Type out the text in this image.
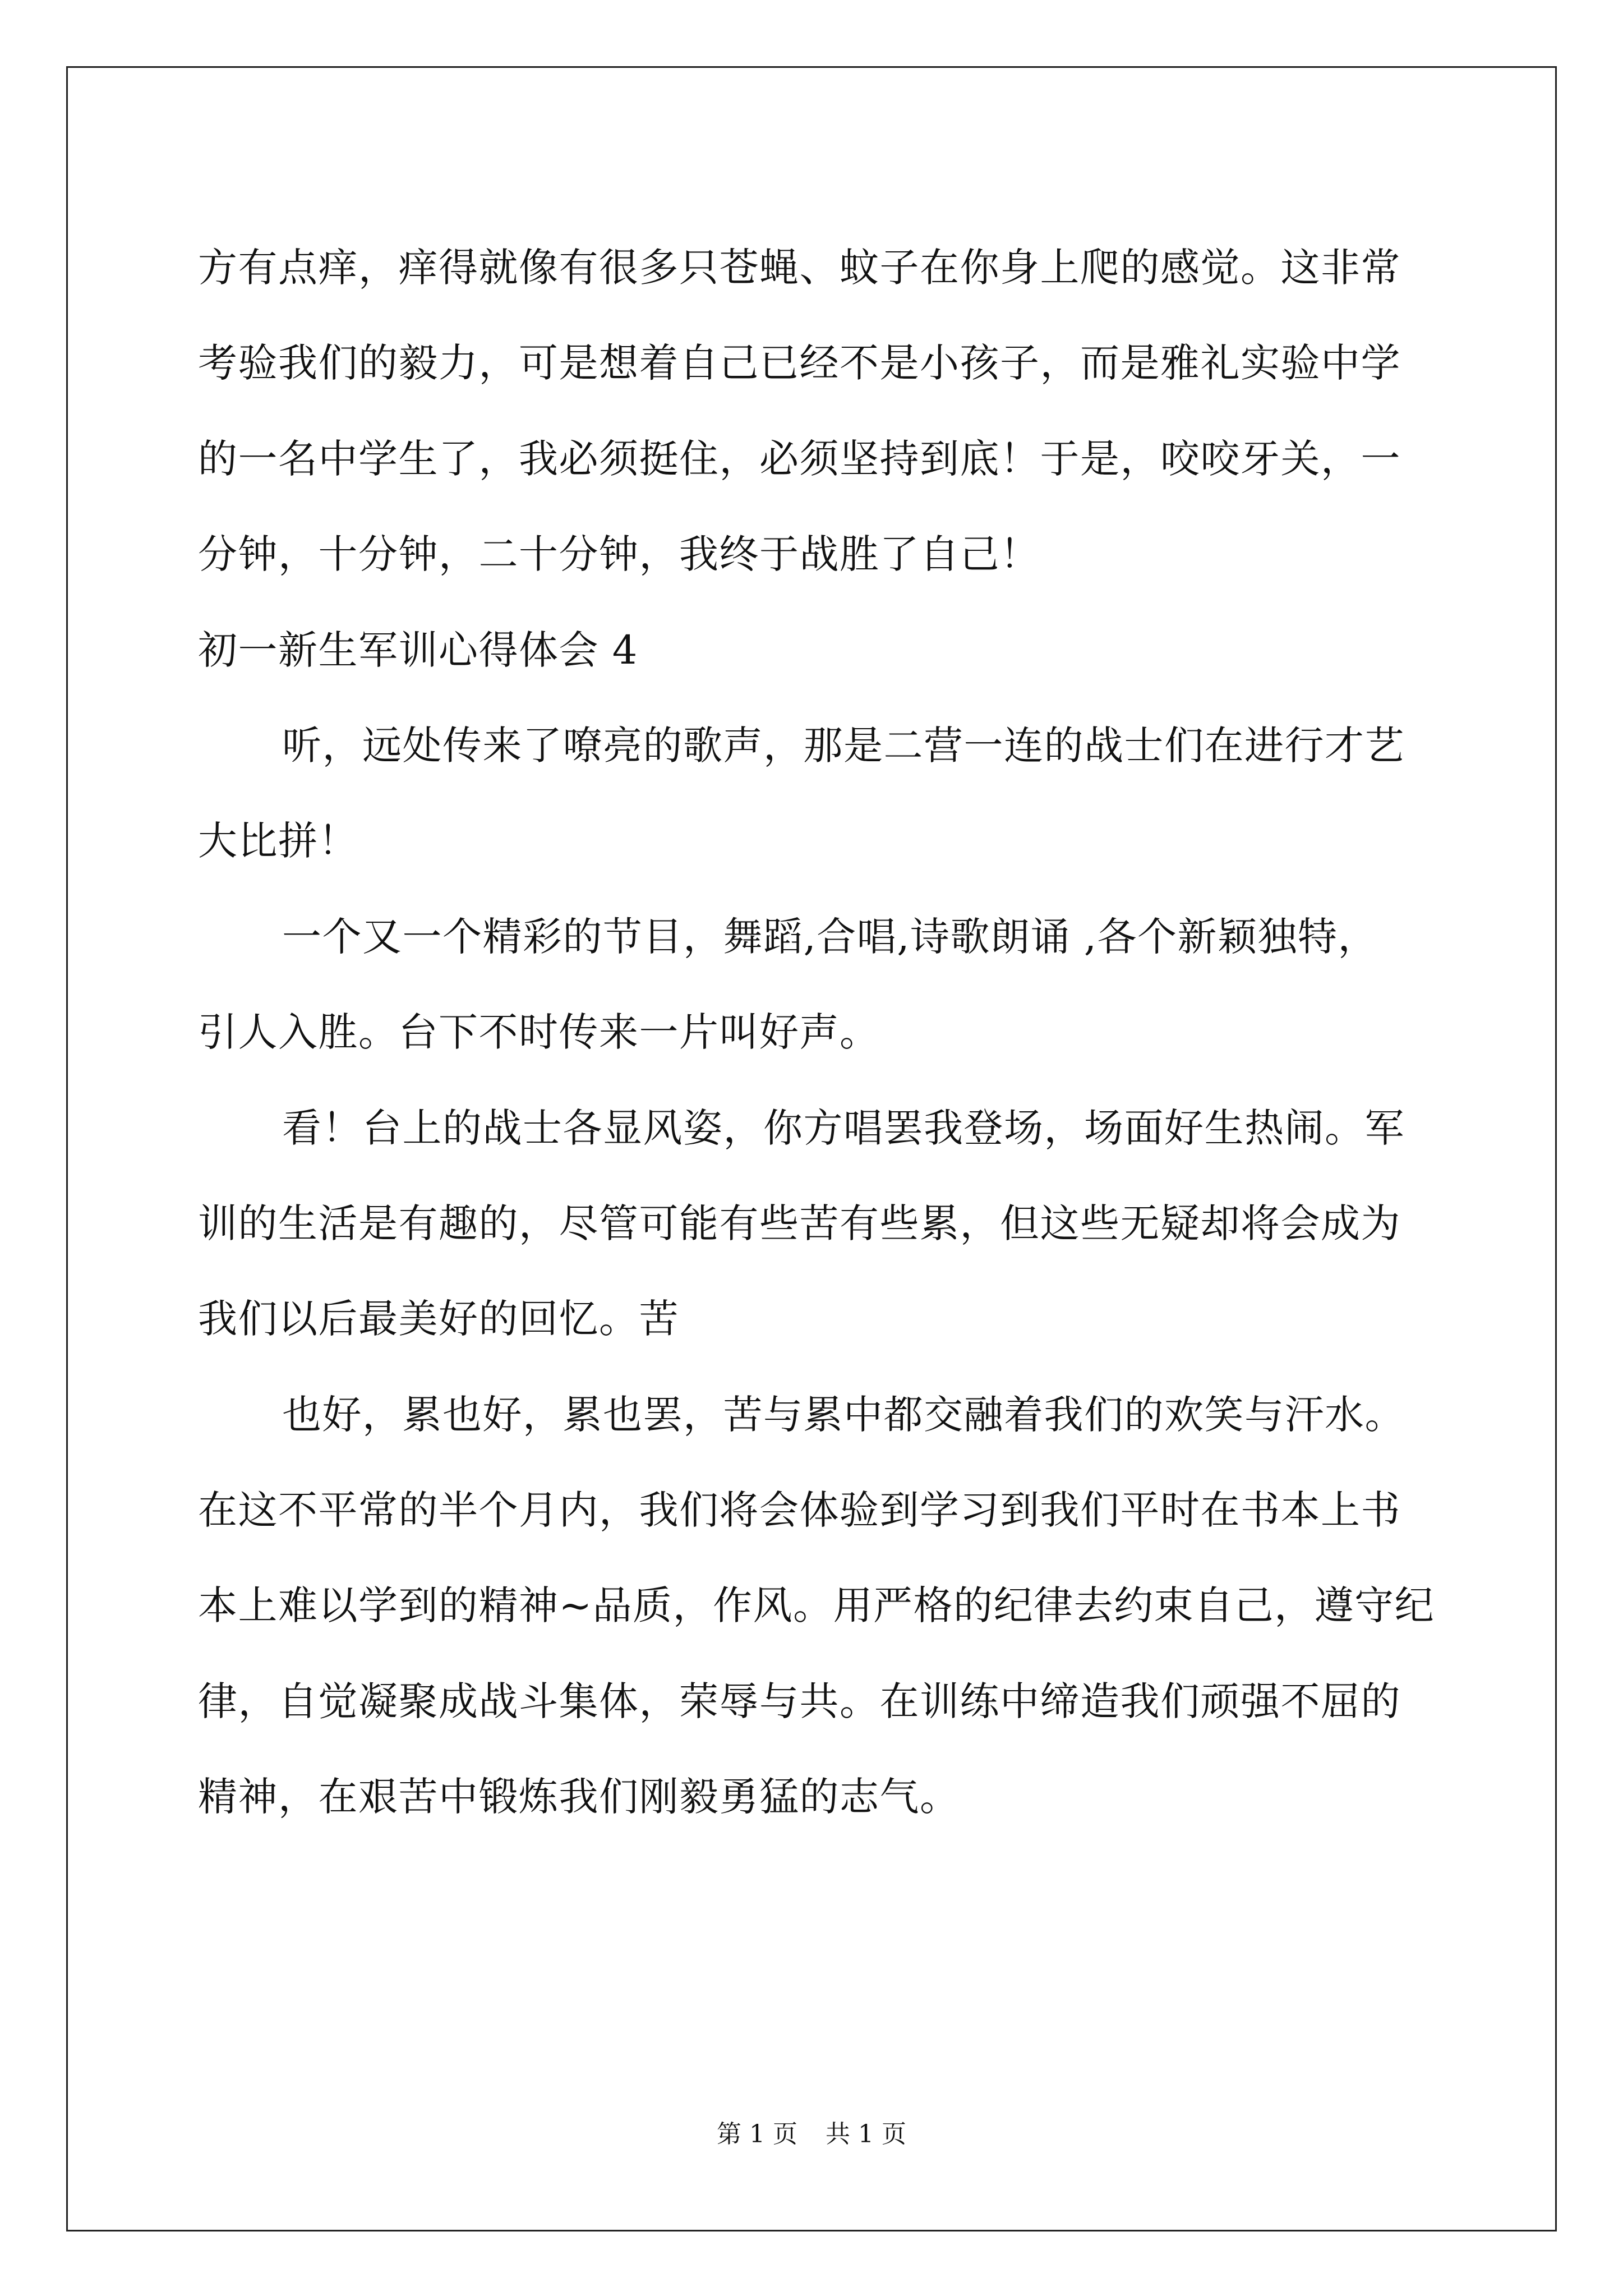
方有点痒，痒得就像有很多只苍蝇、蚊子在你身上爬的感觉。这非常
考验我们的毅力，可是想着自己已经不是小孩子，而是雅礼实验中学
的一名中学生了，我必须挺住，必须坚持到底！于是，咬咬牙关，一
分钟，十分钟，二十分钟，我终于战胜了自己！
初一新生军训心得体会 4
听，远处传来了嘹亮的歌声，那是二营一连的战士们在进行才艺
大比拼！
一个又一个精彩的节目，舞蹈,合唱,诗歌朗诵 ,各个新颖独特，
引人入胜。台下不时传来一片叫好声。
看！台上的战士各显风姿，你方唱罢我登场，场面好生热闹。军
训的生活是有趣的，尽管可能有些苦有些累，但这些无疑却将会成为
我们以后最美好的回忆。苦
也好，累也好，累也罢，苦与累中都交融着我们的欢笑与汗水。
在这不平常的半个月内，我们将会体验到学习到我们平时在书本上书
本上难以学到的精神~品质，作风。用严格的纪律去约束自己，遵守纪
律，自觉凝聚成战斗集体，荣辱与共。在训练中缔造我们顽强不屈的
精神，在艰苦中锻炼我们刚毅勇猛的志气。
第 1 页 共 1 页
